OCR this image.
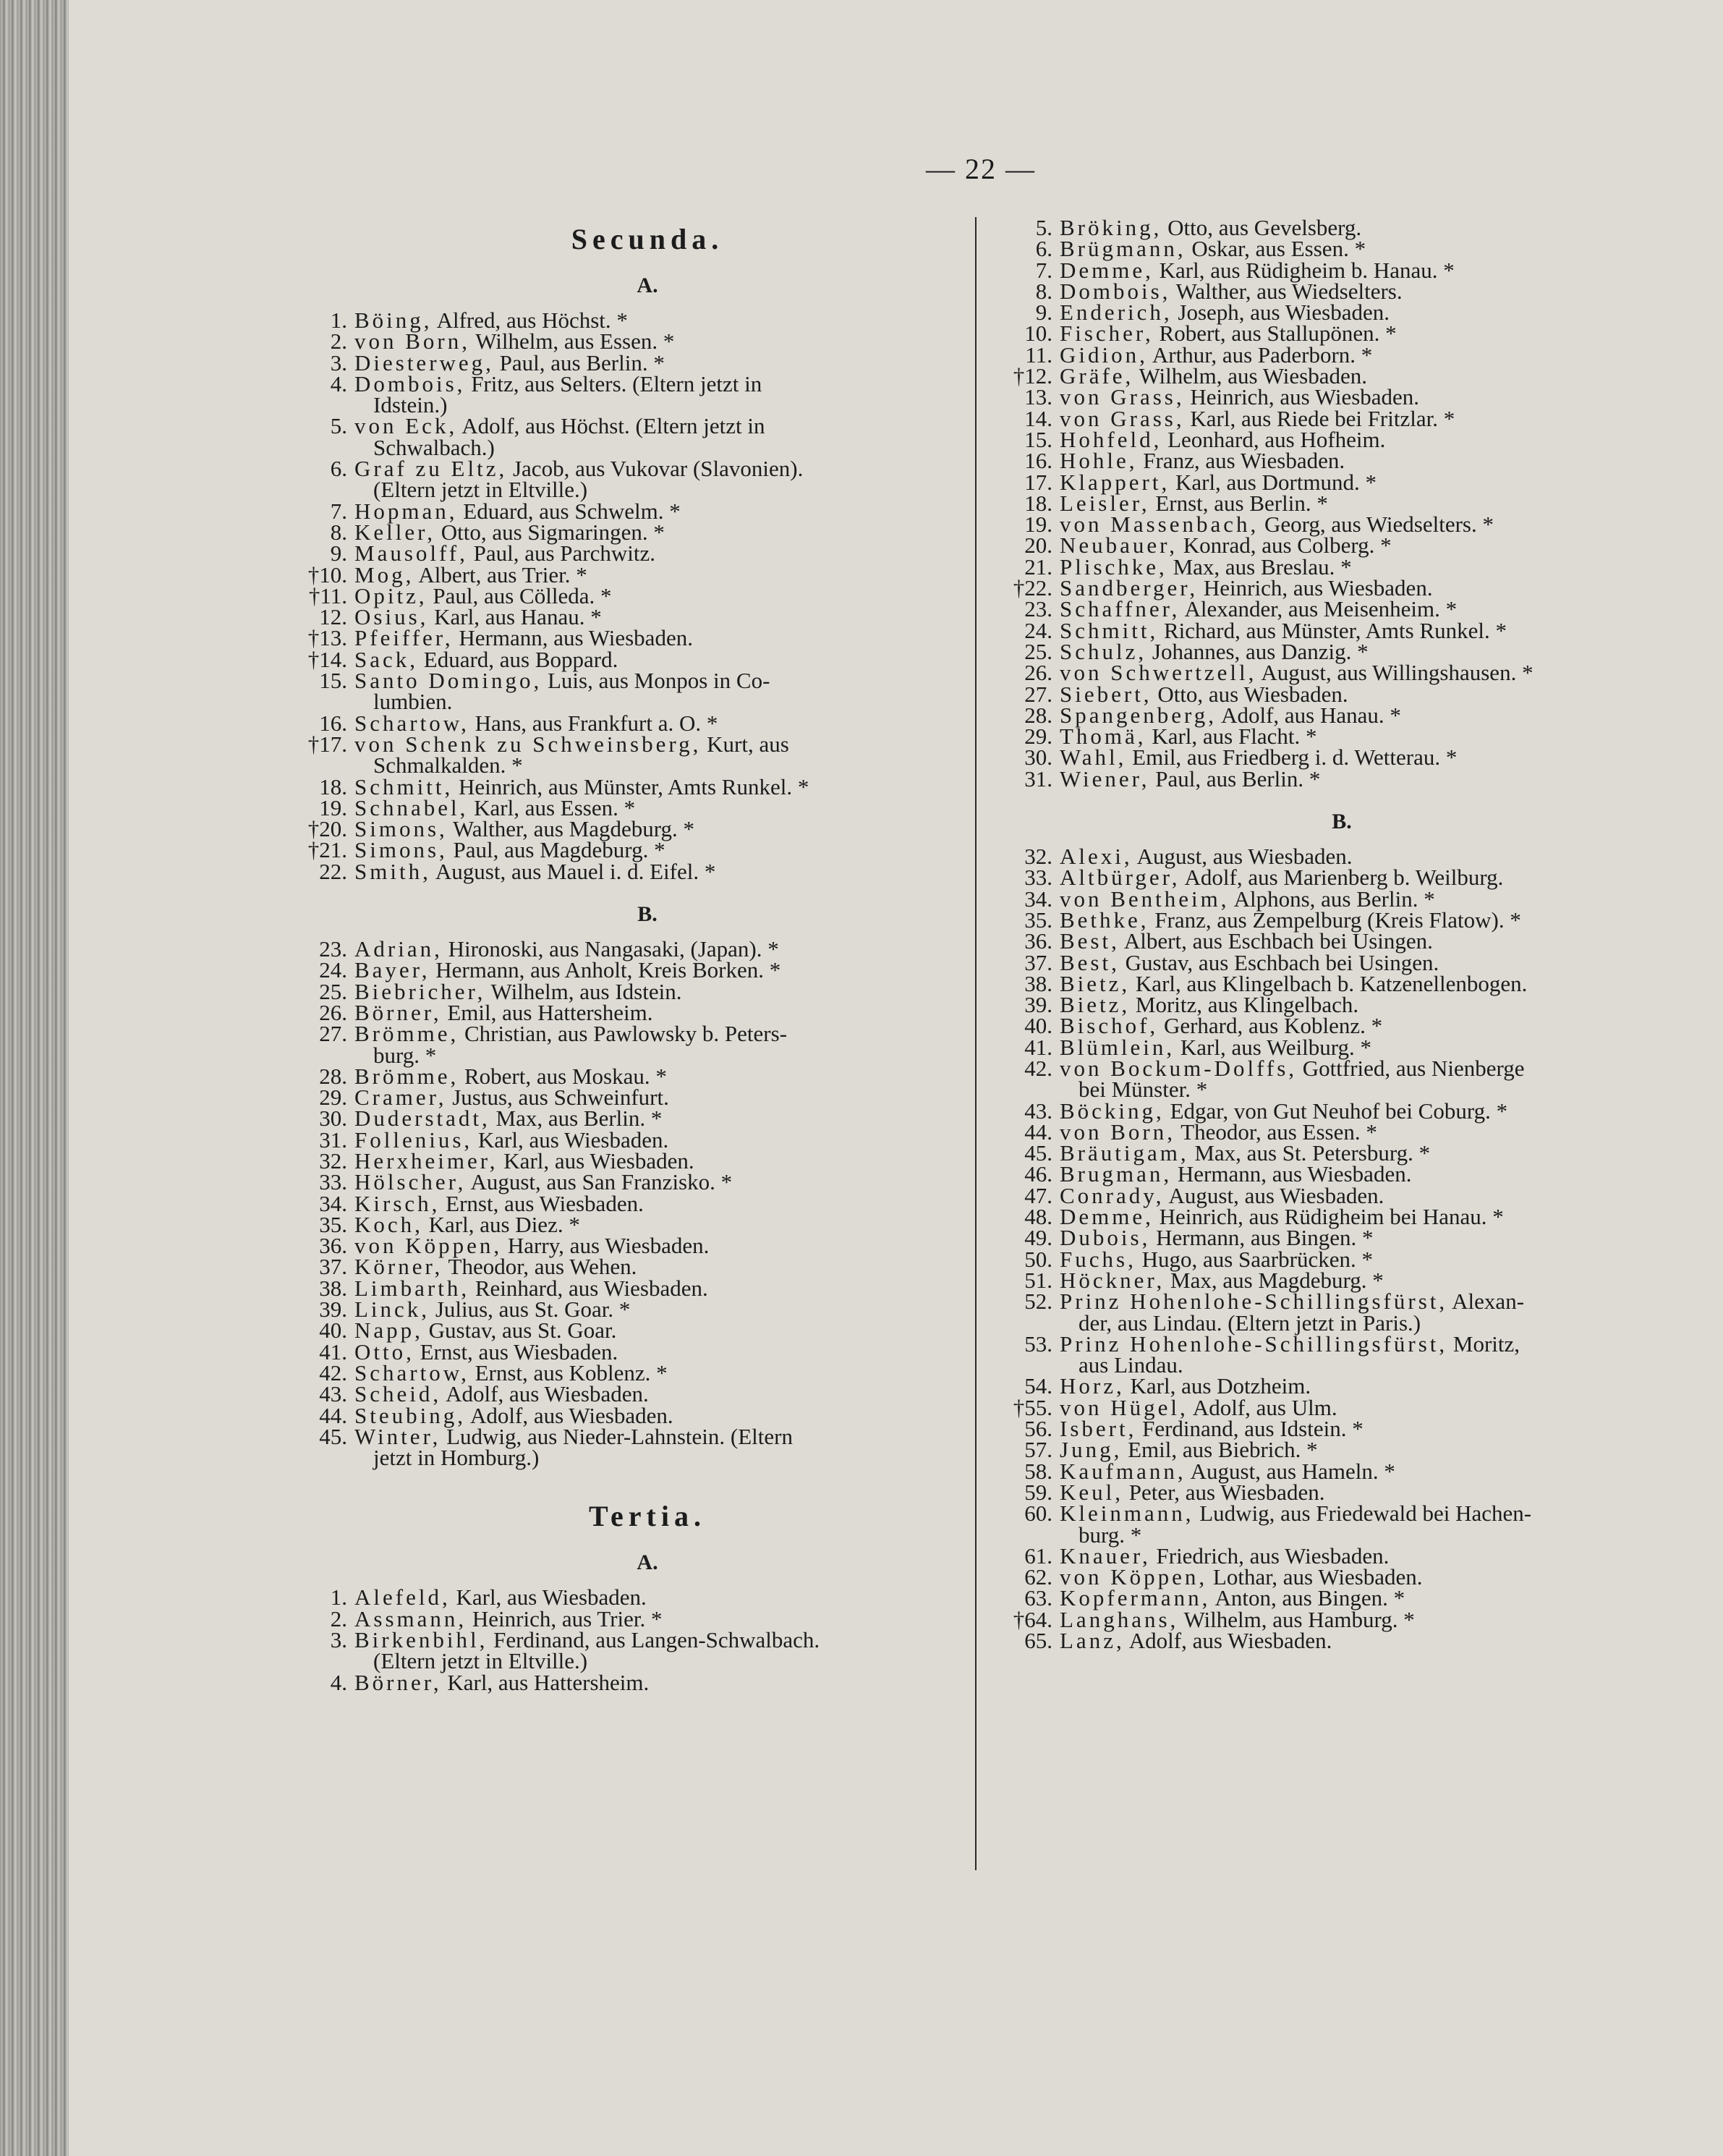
— 22 —
Secunda.
A.
1. Böing, Alfred, aus Höchst. *
2. von Born, Wilhelm, aus Essen. *
3. Diesterweg, Paul, aus Berlin. *
4. Dombois, Fritz, aus Selters. (Eltern jetzt in
Idstein.)
5. von Eck, Adolf, aus Höchst. (Eltern jetzt in
Schwalbach.)
6. Graf zu Eltz, Jacob, aus Vukovar (Slavonien).
(Eltern jetzt in Eltville.)
7. Hopman, Eduard, aus Schwelm. *
8. Keller, Otto, aus Sigmaringen. *
9. Mausolff, Paul, aus Parchwitz.
†10. Mog, Albert, aus Trier. *
†11. Opitz, Paul, aus Cölleda. *
12. Osius, Karl, aus Hanau. *
†13. Pfeiffer, Hermann, aus Wiesbaden.
†14. Sack, Eduard, aus Boppard.
15. Santo Domingo, Luis, aus Monpos in Co-
lumbien.
16. Schartow, Hans, aus Frankfurt a. O. *
†17. von Schenk zu Schweinsberg, Kurt, aus
Schmalkalden. *
18. Schmitt, Heinrich, aus Münster, Amts Runkel. *
19. Schnabel, Karl, aus Essen. *
†20. Simons, Walther, aus Magdeburg. *
†21. Simons, Paul, aus Magdeburg. *
22. Smith, August, aus Mauel i. d. Eifel. *
B.
23. Adrian, Hironoski, aus Nangasaki, (Japan). *
24. Bayer, Hermann, aus Anholt, Kreis Borken. *
25. Biebricher, Wilhelm, aus Idstein.
26. Börner, Emil, aus Hattersheim.
27. Brömme, Christian, aus Pawlowsky b. Peters-
burg. *
28. Brömme, Robert, aus Moskau. *
29. Cramer, Justus, aus Schweinfurt.
30. Duderstadt, Max, aus Berlin. *
31. Follenius, Karl, aus Wiesbaden.
32. Herxheimer, Karl, aus Wiesbaden.
33. Hölscher, August, aus San Franzisko. *
34. Kirsch, Ernst, aus Wiesbaden.
35. Koch, Karl, aus Diez. *
36. von Köppen, Harry, aus Wiesbaden.
37. Körner, Theodor, aus Wehen.
38. Limbarth, Reinhard, aus Wiesbaden.
39. Linck, Julius, aus St. Goar. *
40. Napp, Gustav, aus St. Goar.
41. Otto, Ernst, aus Wiesbaden.
42. Schartow, Ernst, aus Koblenz. *
43. Scheid, Adolf, aus Wiesbaden.
44. Steubing, Adolf, aus Wiesbaden.
45. Winter, Ludwig, aus Nieder-Lahnstein. (Eltern
jetzt in Homburg.)
Tertia.
A.
1. Alefeld, Karl, aus Wiesbaden.
2. Assmann, Heinrich, aus Trier. *
3. Birkenbihl, Ferdinand, aus Langen-Schwalbach.
(Eltern jetzt in Eltville.)
4. Börner, Karl, aus Hattersheim.
5. Bröking, Otto, aus Gevelsberg.
6. Brügmann, Oskar, aus Essen. *
7. Demme, Karl, aus Rüdigheim b. Hanau. *
8. Dombois, Walther, aus Wiedselters.
9. Enderich, Joseph, aus Wiesbaden.
10. Fischer, Robert, aus Stallupönen. *
11. Gidion, Arthur, aus Paderborn. *
†12. Gräfe, Wilhelm, aus Wiesbaden.
13. von Grass, Heinrich, aus Wiesbaden.
14. von Grass, Karl, aus Riede bei Fritzlar. *
15. Hohfeld, Leonhard, aus Hofheim.
16. Hohle, Franz, aus Wiesbaden.
17. Klappert, Karl, aus Dortmund. *
18. Leisler, Ernst, aus Berlin. *
19. von Massenbach, Georg, aus Wiedselters. *
20. Neubauer, Konrad, aus Colberg. *
21. Plischke, Max, aus Breslau. *
†22. Sandberger, Heinrich, aus Wiesbaden.
23. Schaffner, Alexander, aus Meisenheim. *
24. Schmitt, Richard, aus Münster, Amts Runkel. *
25. Schulz, Johannes, aus Danzig. *
26. von Schwertzell, August, aus Willingshausen. *
27. Siebert, Otto, aus Wiesbaden.
28. Spangenberg, Adolf, aus Hanau. *
29. Thomä, Karl, aus Flacht. *
30. Wahl, Emil, aus Friedberg i. d. Wetterau. *
31. Wiener, Paul, aus Berlin. *
B.
32. Alexi, August, aus Wiesbaden.
33. Altbürger, Adolf, aus Marienberg b. Weilburg.
34. von Bentheim, Alphons, aus Berlin. *
35. Bethke, Franz, aus Zempelburg (Kreis Flatow). *
36. Best, Albert, aus Eschbach bei Usingen.
37. Best, Gustav, aus Eschbach bei Usingen.
38. Bietz, Karl, aus Klingelbach b. Katzenellenbogen.
39. Bietz, Moritz, aus Klingelbach.
40. Bischof, Gerhard, aus Koblenz. *
41. Blümlein, Karl, aus Weilburg. *
42. von Bockum-Dolffs, Gottfried, aus Nienberge
bei Münster. *
43. Böcking, Edgar, von Gut Neuhof bei Coburg. *
44. von Born, Theodor, aus Essen. *
45. Bräutigam, Max, aus St. Petersburg. *
46. Brugman, Hermann, aus Wiesbaden.
47. Conrady, August, aus Wiesbaden.
48. Demme, Heinrich, aus Rüdigheim bei Hanau. *
49. Dubois, Hermann, aus Bingen. *
50. Fuchs, Hugo, aus Saarbrücken. *
51. Höckner, Max, aus Magdeburg. *
52. Prinz Hohenlohe-Schillingsfürst, Alexan-
der, aus Lindau. (Eltern jetzt in Paris.)
53. Prinz Hohenlohe-Schillingsfürst, Moritz,
aus Lindau.
54. Horz, Karl, aus Dotzheim.
†55. von Hügel, Adolf, aus Ulm.
56. Isbert, Ferdinand, aus Idstein. *
57. Jung, Emil, aus Biebrich. *
58. Kaufmann, August, aus Hameln. *
59. Keul, Peter, aus Wiesbaden.
60. Kleinmann, Ludwig, aus Friedewald bei Hachen-
burg. *
61. Knauer, Friedrich, aus Wiesbaden.
62. von Köppen, Lothar, aus Wiesbaden.
63. Kopfermann, Anton, aus Bingen. *
†64. Langhans, Wilhelm, aus Hamburg. *
65. Lanz, Adolf, aus Wiesbaden.
